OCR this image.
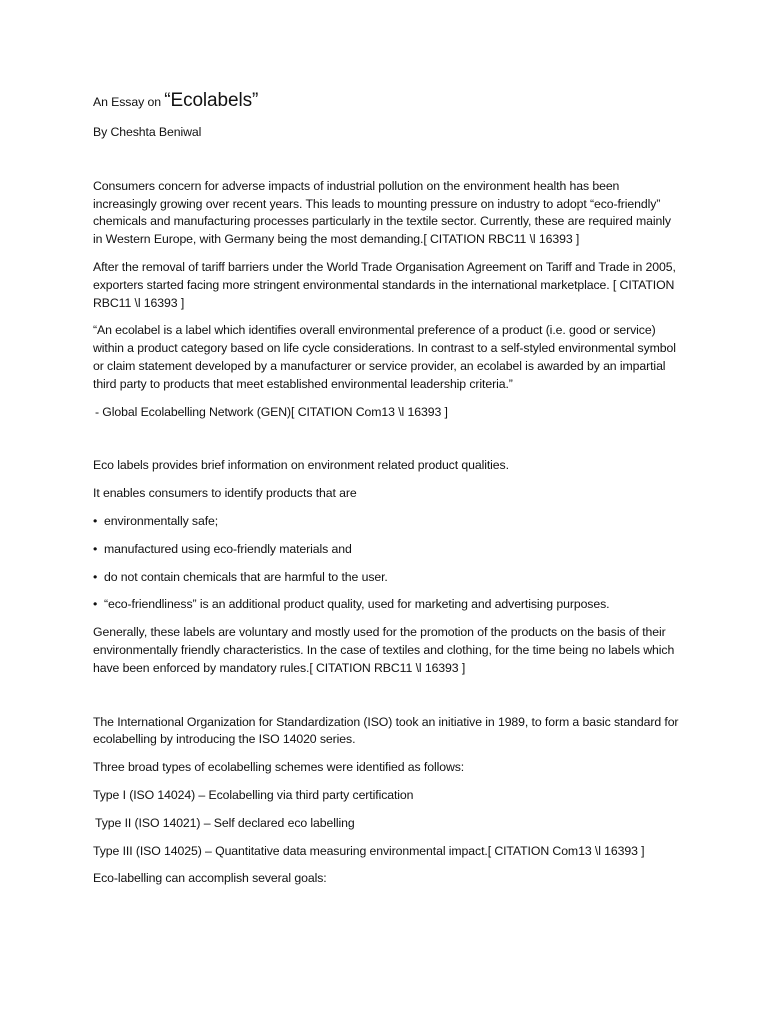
An Essay on “Ecolabels”

By Cheshta Beniwal

Consumers concern for adverse impacts of industrial pollution on the environment health has been increasingly growing over recent years. This leads to mounting pressure on industry to adopt “eco-friendly” chemicals and manufacturing processes particularly in the textile sector. Currently, these are required mainly in Western Europe, with Germany being the most demanding.[ CITATION RBC11 \l 16393 ]

After the removal of tariff barriers under the World Trade Organisation Agreement on Tariff and Trade in 2005, exporters started facing more stringent environmental standards in the international marketplace. [ CITATION RBC11 \l 16393 ]

“An ecolabel is a label which identifies overall environmental preference of a product (i.e. good or service) within a product category based on life cycle considerations. In contrast to a self-styled environmental symbol or claim statement developed by a manufacturer or service provider, an ecolabel is awarded by an impartial third party to products that meet established environmental leadership criteria.”

- Global Ecolabelling Network (GEN)[ CITATION Com13 \l 16393 ]

Eco labels provides brief information on environment related product qualities.

It enables consumers to identify products that are

• environmentally safe;
• manufactured using eco-friendly materials and
• do not contain chemicals that are harmful to the user.
• “eco-friendliness” is an additional product quality, used for marketing and advertising purposes.

Generally, these labels are voluntary and mostly used for the promotion of the products on the basis of their environmentally friendly characteristics. In the case of textiles and clothing, for the time being no labels which have been enforced by mandatory rules.[ CITATION RBC11 \l 16393 ]

The International Organization for Standardization (ISO) took an initiative in 1989, to form a basic standard for ecolabelling by introducing the ISO 14020 series.

Three broad types of ecolabelling schemes were identified as follows:

Type I (ISO 14024) – Ecolabelling via third party certification

Type II (ISO 14021) – Self declared eco labelling

Type III (ISO 14025) – Quantitative data measuring environmental impact.[ CITATION Com13 \l 16393 ]

Eco-labelling can accomplish several goals:
